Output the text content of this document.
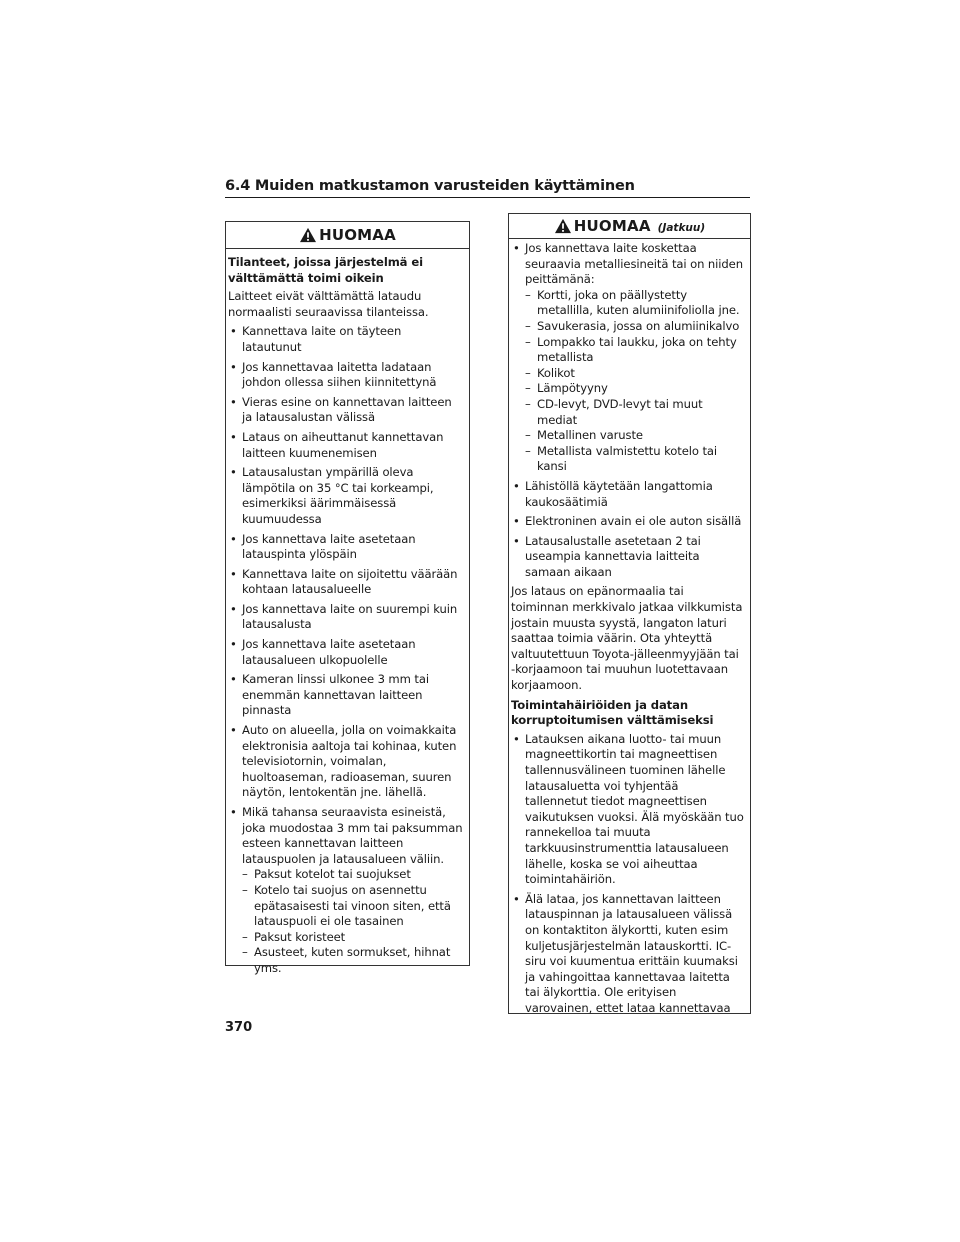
6.4 Muiden matkustamon varusteiden käyttäminen
HUOMAA
Tilanteet, joissa järjestelmä ei välttämättä toimi oikein
Laitteet eivät välttämättä lataudu normaalisti seuraavissa tilanteissa.
• Kannettava laite on täyteen latautunut
• Jos kannettavaa laitetta ladataan johdon ollessa siihen kiinnitettynä
• Vieras esine on kannettavan laitteen ja latausalustan välissä
• Lataus on aiheuttanut kannettavan laitteen kuumenemisen
• Latausalustan ympärillä oleva lämpötila on 35 °C tai korkeampi, esimerkiksi äärimmäisessä kuumuudessa
• Jos kannettava laite asetetaan latauspinta ylöspäin
• Kannettava laite on sijoitettu väärään kohtaan latausalueelle
• Jos kannettava laite on suurempi kuin latausalusta
• Jos kannettava laite asetetaan latausalueen ulkopuolelle
• Kameran linssi ulkonee 3 mm tai enemmän kannettavan laitteen pinnasta
• Auto on alueella, jolla on voimakkaita elektronisia aaltoja tai kohinaa, kuten televisiotornin, voimalan, huoltoaseman, radioaseman, suuren näytön, lentokentän jne. lähellä.
• Mikä tahansa seuraavista esineistä, joka muodostaa 3 mm tai paksumman esteen kannettavan laitteen latauspuolen ja latausalueen väliin.
– Paksut kotelot tai suojukset
– Kotelo tai suojus on asennettu epätasaisesti tai vinoon siten, että latauspuoli ei ole tasainen
– Paksut koristeet
– Asusteet, kuten sormukset, hihnat yms.
HUOMAA (Jatkuu)
• Jos kannettava laite koskettaa seuraavia metalliesineitä tai on niiden peittämänä:
– Kortti, joka on päällystetty metallilla, kuten alumiinifoliolla jne.
– Savukerasia, jossa on alumiinikalvo
– Lompakko tai laukku, joka on tehty metallista
– Kolikot
– Lämpötyyny
– CD-levyt, DVD-levyt tai muut mediat
– Metallinen varuste
– Metallista valmistettu kotelo tai kansi
• Lähistöllä käytetään langattomia kaukosäätimiä
• Elektroninen avain ei ole auton sisällä
• Latausalustalle asetetaan 2 tai useampia kannettavia laitteita samaan aikaan
Jos lataus on epänormaalia tai toiminnan merkkivalo jatkaa vilkkumista jostain muusta syystä, langaton laturi saattaa toimia väärin. Ota yhteyttä valtuutettuun Toyota-jälleenmyyjään tai -korjaamoon tai muuhun luotettavaan korjaamoon.
Toimintahäiriöiden ja datan korruptoitumisen välttämiseksi
• Latauksen aikana luotto- tai muun magneettikortin tai magneettisen tallennusvälineen tuominen lähelle latausaluetta voi tyhjentää tallennetut tiedot magneettisen vaikutuksen vuoksi. Älä myöskään tuo rannekelloa tai muuta tarkkuusinstrumenttia latausalueen lähelle, koska se voi aiheuttaa toimintahäiriön.
• Älä lataa, jos kannettavan laitteen latauspinnan ja latausalueen välissä on kontaktiton älykortti, kuten esim kuljetusjärjestelmän latauskortti. IC-siru voi kuumentua erittäin kuumaksi ja vahingoittaa kannettavaa laitetta tai älykorttia. Ole erityisen varovainen, ettet lataa kannettavaa
370
